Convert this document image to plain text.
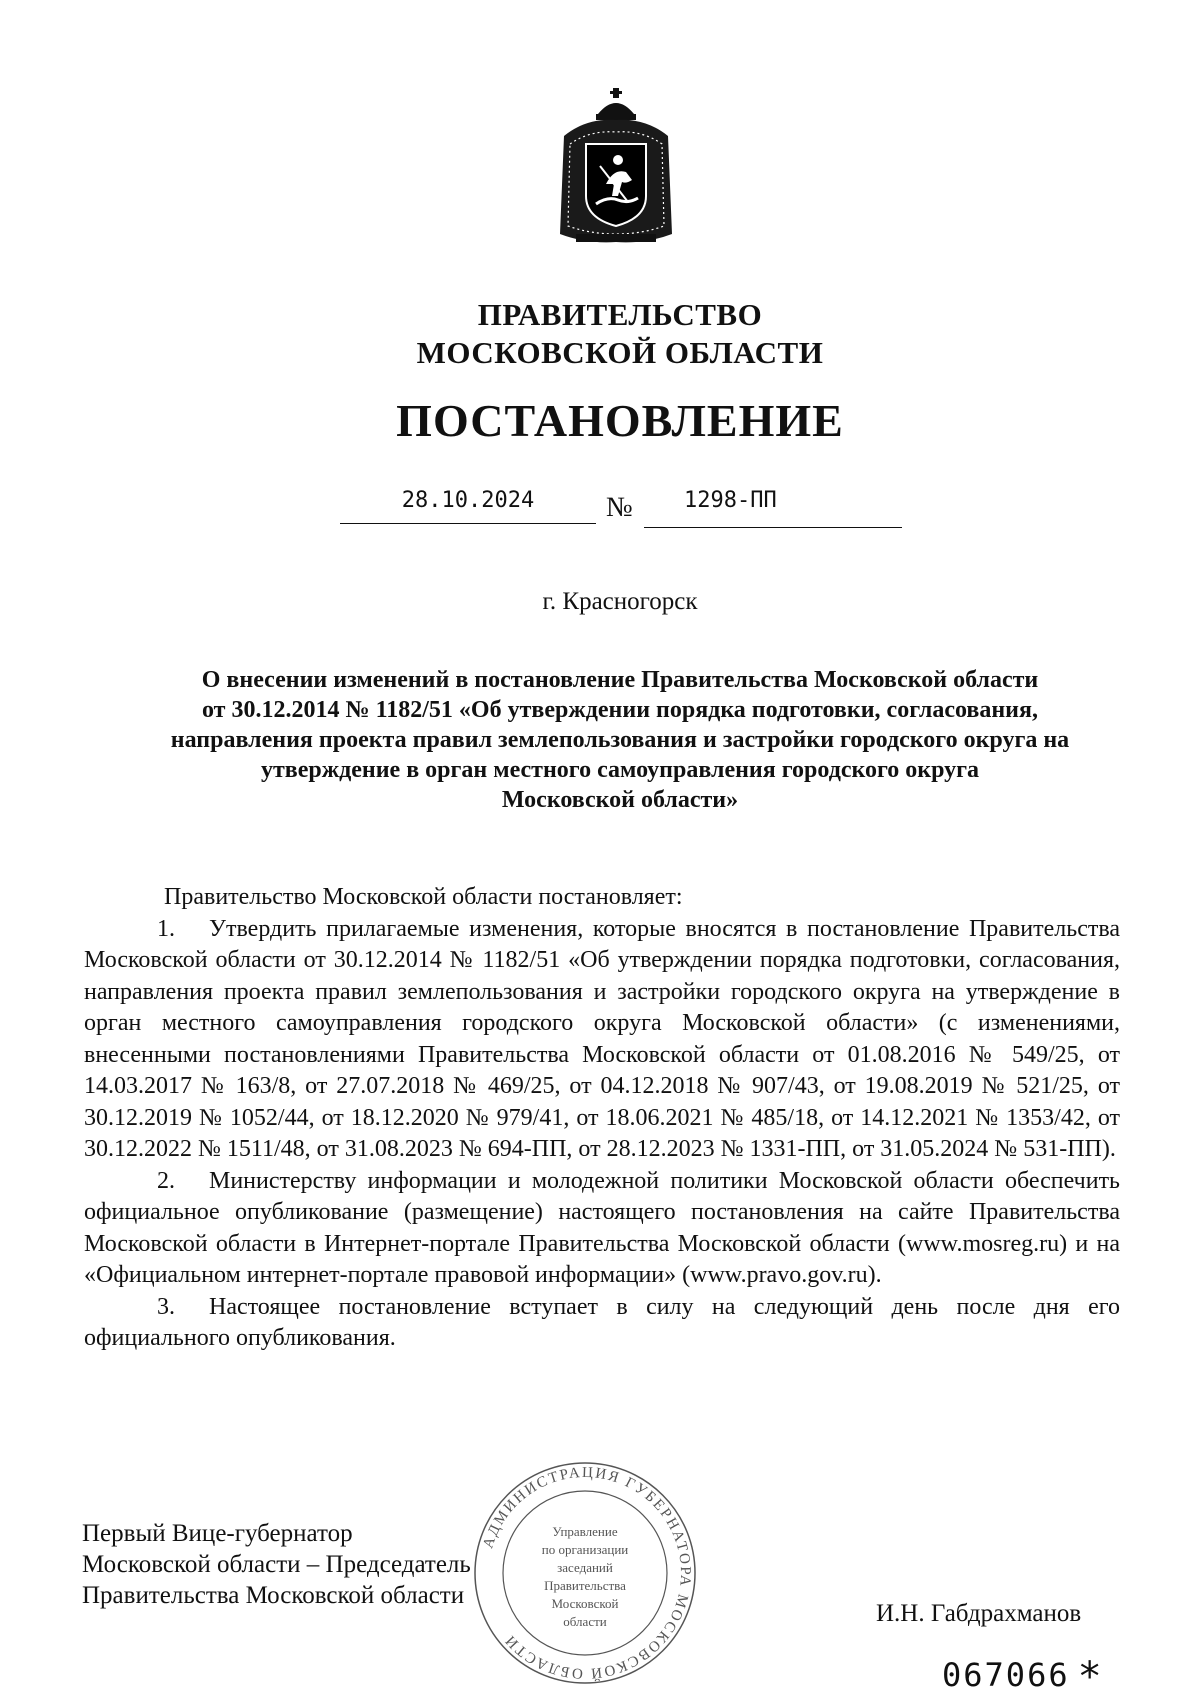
ПРАВИТЕЛЬСТВО
МОСКОВСКОЙ ОБЛАСТИ
ПОСТАНОВЛЕНИЕ
28.10.2024	№	1298-ПП
г. Красногорск
О внесении изменений в постановление Правительства Московской области
от 30.12.2014 № 1182/51 «Об утверждении порядка подготовки, согласования,
направления проекта правил землепользования и застройки городского округа на
утверждение в орган местного самоуправления городского округа
Московской области»

Правительство Московской области постановляет:

1. Утвердить прилагаемые изменения, которые вносятся в постановление Правительства Московской области от 30.12.2014 № 1182/51 «Об утверждении порядка подготовки, согласования, направления проекта правил землепользования и застройки городского округа на утверждение в орган местного самоуправления городского округа Московской области» (с изменениями, внесенными постановлениями Правительства Московской области от 01.08.2016 № 549/25, от 14.03.2017 № 163/8, от 27.07.2018 № 469/25, от 04.12.2018 № 907/43, от 19.08.2019 № 521/25, от 30.12.2019 № 1052/44, от 18.12.2020 № 979/41, от 18.06.2021 № 485/18, от 14.12.2021 № 1353/42, от 30.12.2022 № 1511/48, от 31.08.2023 № 694-ПП, от 28.12.2023 № 1331-ПП, от 31.05.2024 № 531-ПП).

2. Министерству информации и молодежной политики Московской области обеспечить официальное опубликование (размещение) настоящего постановления на сайте Правительства Московской области в Интернет-портале Правительства Московской области (www.mosreg.ru) и на «Официальном интернет-портале правовой информации» (www.pravo.gov.ru).

3. Настоящее постановление вступает в силу на следующий день после дня его официального опубликования.

Первый Вице-губернатор
Московской области – Председатель
Правительства Московской области
АДМИНИСТРАЦИЯ ГУБЕРНАТОРА МОСКОВСКОЙ ОБЛАСТИ
Управление
по организации
заседаний
Правительства
Московской
области	И.Н. Габдрахманов
067066 *
